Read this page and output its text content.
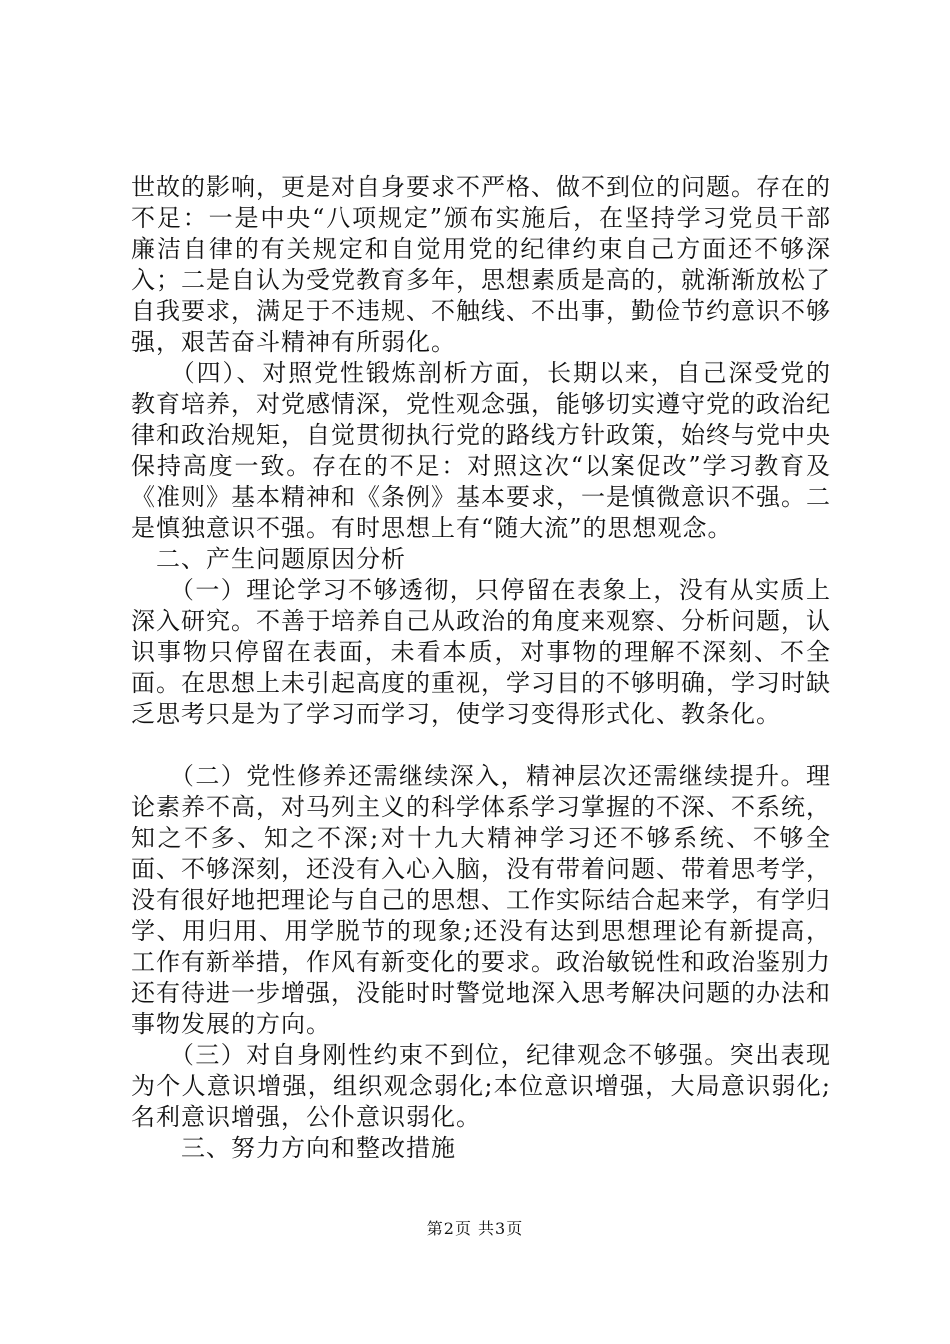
世故的影响，更是对自身要求不严格、做不到位的问题。存在的不足：一是中央“八项规定”颁布实施后，在坚持学习党员干部廉洁自律的有关规定和自觉用党的纪律约束自己方面还不够深入；二是自认为受党教育多年，思想素质是高的，就渐渐放松了自我要求，满足于不违规、不触线、不出事，勤俭节约意识不够强，艰苦奋斗精神有所弱化。

　　（四）、对照党性锻炼剖析方面，长期以来，自己深受党的教育培养，对党感情深，党性观念强，能够切实遵守党的政治纪律和政治规矩，自觉贯彻执行党的路线方针政策，始终与党中央保持高度一致。存在的不足：对照这次“以案促改”学习教育及《准则》基本精神和《条例》基本要求，一是慎微意识不强。二是慎独意识不强。有时思想上有“随大流”的思想观念。

　二、产生问题原因分析

　　（一）理论学习不够透彻，只停留在表象上，没有从实质上深入研究。不善于培养自己从政治的角度来观察、分析问题，认识事物只停留在表面，未看本质，对事物的理解不深刻、不全面。在思想上未引起高度的重视，学习目的不够明确，学习时缺乏思考只是为了学习而学习，使学习变得形式化、教条化。

　　（二）党性修养还需继续深入，精神层次还需继续提升。理论素养不高，对马列主义的科学体系学习掌握的不深、不系统，知之不多、知之不深;对十九大精神学习还不够系统、不够全面、不够深刻，还没有入心入脑，没有带着问题、带着思考学，没有很好地把理论与自己的思想、工作实际结合起来学，有学归学、用归用、用学脱节的现象;还没有达到思想理论有新提高，工作有新举措，作风有新变化的要求。政治敏锐性和政治鉴别力还有待进一步增强，没能时时警觉地深入思考解决问题的办法和事物发展的方向。

　　（三）对自身刚性约束不到位，纪律观念不够强。突出表现为个人意识增强，组织观念弱化;本位意识增强，大局意识弱化;名利意识增强，公仆意识弱化。

　　三、努力方向和整改措施

第2页 共3页
